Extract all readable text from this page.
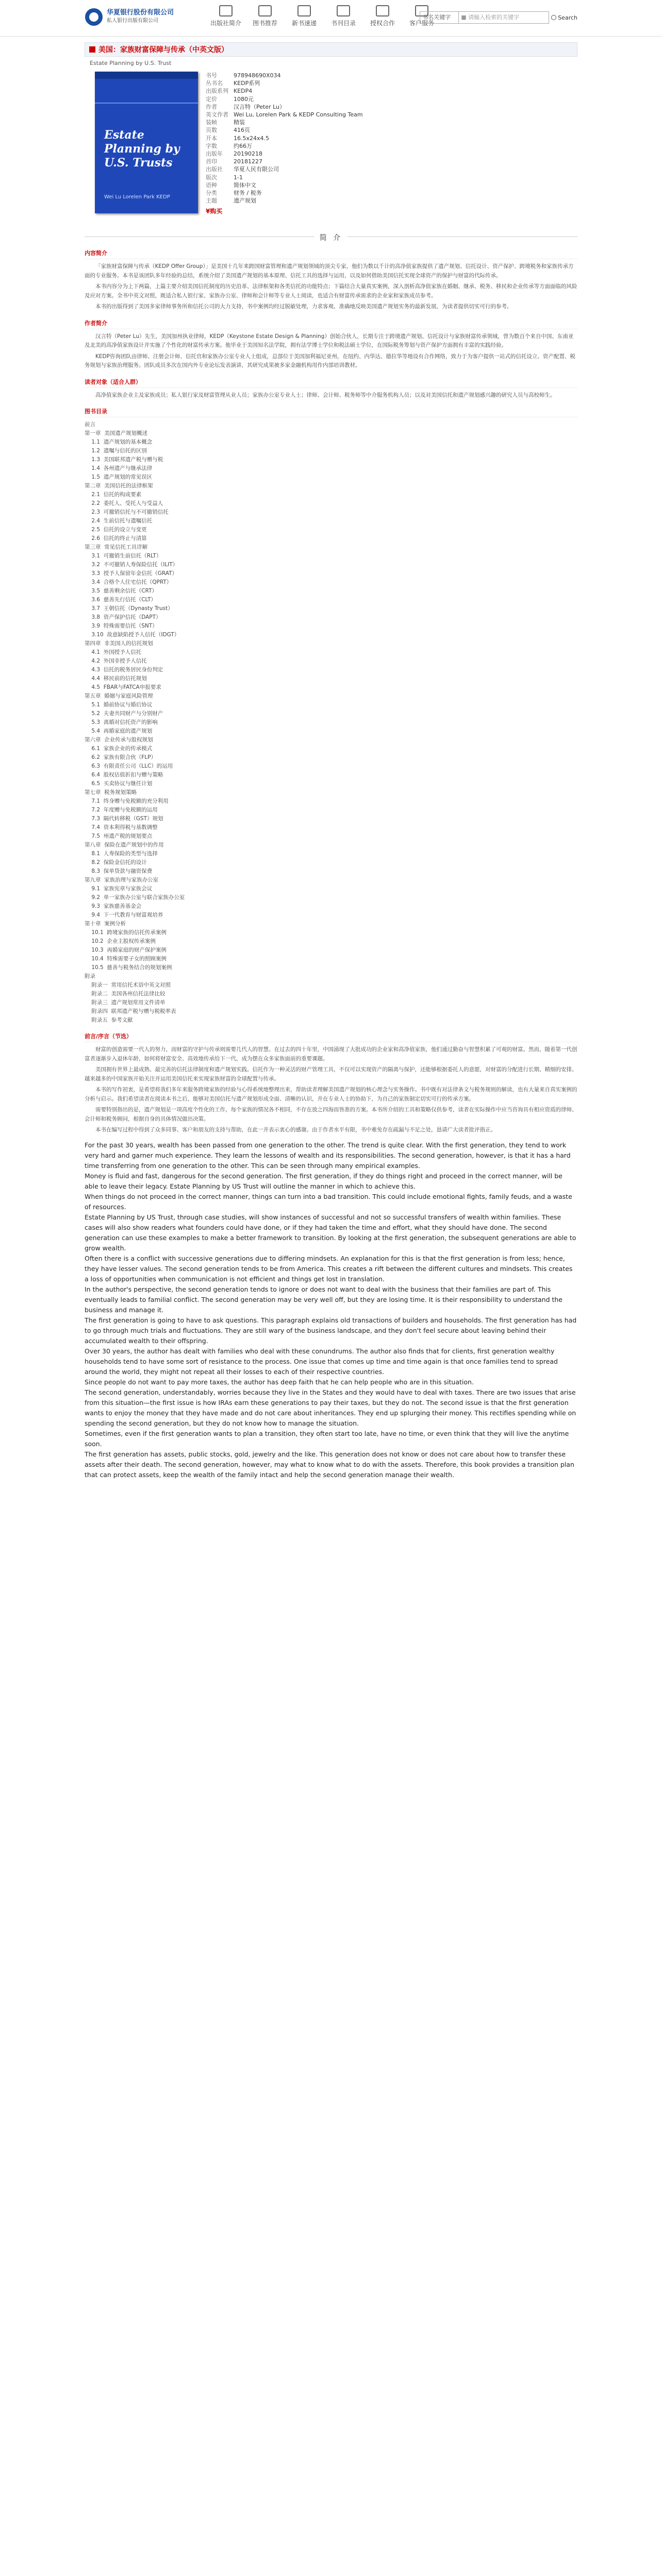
华夏银行股份有限公司
私人银行出版有限公司	出版社简介	图书推荐	新书速递	书刊目录	授权合作	客户服务
书名关键字	■ 请输入检索的关键字	Search
美国：家族财富保障与传承（中英文版）
Estate Planning by U.S. Trust
Estate Planning by U.S. Trusts
Wei Lu Lorelen Park KEDP
书号	978948690X034
丛书名	KEDP系列
出版系列 KEDP4
定价	1080元
作者	汉言特（Peter Lu）
英文作者 Wei Lu, Lorelen Park & KEDP Consulting Team
装帧	精装
页数	416页
开本	16.5x24x4.5
字数	约66万
出版年	20190218
首印	20181227
出版社	华夏人民有限公司
版次	1-1
语种	简体中文
分类	财务 / 税务
主题	遗产规划
¥购买
简 介
内容简介

「家族财富保障与传承（KEDP Offer Group）」是美国十几年来跨国财富管理和遗产规划领域的顶尖专家，他们为数以千计的高净值家族提供了遗产规划、信托设计、资产保护、跨境税务和家族传承方面的专业服务。本书是该团队多年经验的总结，系统介绍了美国遗产规划的基本原理、信托工具的选择与运用，以及如何借助美国信托实现全球资产的保护与财富的代际传承。

本书内容分为上下两篇，上篇主要介绍美国信托制度的历史沿革、法律框架和各类信托的功能特点；下篇结合大量真实案例，深入剖析高净值家族在婚姻、继承、税务、移民和企业传承等方面面临的风险及应对方案。全书中英文对照，既适合私人银行家、家族办公室、律师和会计师等专业人士阅读，也适合有财富传承需求的企业家和家族成员参考。

本书的出版得到了美国多家律师事务所和信托公司的大力支持，书中案例均经过脱敏处理，力求客观、准确地反映美国遗产规划实务的最新发展，为读者提供切实可行的参考。

作者简介

汉言特（Peter Lu）先生，美国加州执业律师，KEDP（Keystone Estate Design & Planning）创始合伙人，长期专注于跨境遗产规划、信托设计与家族财富传承领域，曾为数百个来自中国、东南亚及北美的高净值家族设计并实施了个性化的财富传承方案。他毕业于美国知名法学院，拥有法学博士学位和税法硕士学位，在国际税务筹划与资产保护方面拥有丰富的实践经验。

KEDP咨询团队由律师、注册会计师、信托官和家族办公室专业人士组成，总部位于美国加利福尼亚州，在纽约、内华达、德拉华等地设有合作网络，致力于为客户提供一站式的信托设立、资产配置、税务规划与家族治理服务。团队成员多次在国内外专业论坛发表演讲，其研究成果被多家金融机构用作内部培训教材。

读者对象（适合人群）

高净值家族企业主及家族成员；私人银行家及财富管理从业人员；家族办公室专业人士；律师、会计师、税务师等中介服务机构人员；以及对美国信托和遗产规划感兴趣的研究人员与高校师生。

图书目录
前言
第一章  美国遗产规划概述
1.1  遗产规划的基本概念
1.2  遗嘱与信托的区别
1.3  美国联邦遗产税与赠与税
1.4  各州遗产与继承法律
1.5  遗产规划的常见误区
第二章  美国信托的法律框架
2.1  信托的构成要素
2.2  委托人、受托人与受益人
2.3  可撤销信托与不可撤销信托
2.4  生前信托与遗嘱信托
2.5  信托的设立与变更
2.6  信托的终止与清算
第三章  常见信托工具详解
3.1  可撤销生前信托（RLT）
3.2  不可撤销人寿保险信托（ILIT）
3.3  授予人保留年金信托（GRAT）
3.4  合格个人住宅信托（QPRT）
3.5  慈善剩余信托（CRT）
3.6  慈善先行信托（CLT）
3.7  王朝信托（Dynasty Trust）
3.8  资产保护信托（DAPT）
3.9  特殊需要信托（SNT）
3.10  故意缺陷授予人信托（IDGT）
第四章  非美国人的信托规划
4.1  外国授予人信托
4.2  外国非授予人信托
4.3  信托的税务居民身份判定
4.4  移民前的信托规划
4.5  FBAR与FATCA申报要求
第五章  婚姻与家庭风险管理
5.1  婚前协议与婚后协议
5.2  夫妻共同财产与分别财产
5.3  离婚对信托资产的影响
5.4  再婚家庭的遗产规划
第六章  企业传承与股权规划
6.1  家族企业的传承模式
6.2  家族有限合伙（FLP）
6.3  有限责任公司（LLC）的运用
6.4  股权估值折扣与赠与策略
6.5  买卖协议与继任计划
第七章  税务规划策略
7.1  终身赠与免税额的充分利用
7.2  年度赠与免税额的运用
7.3  隔代转移税（GST）规划
7.4  资本利得税与基数调整
7.5  州遗产税的规划要点
第八章  保险在遗产规划中的作用
8.1  人寿保险的类型与选择
8.2  保险金信托的设计
8.3  保单贷款与融资保费
第九章  家族治理与家族办公室
9.1  家族宪章与家族会议
9.2  单一家族办公室与联合家族办公室
9.3  家族慈善基金会
9.4  下一代教育与财富观培养
第十章  案例分析
10.1  跨境家族的信托传承案例
10.2  企业主股权传承案例
10.3  再婚家庭的财产保护案例
10.4  特殊需要子女的照顾案例
10.5  慈善与税务结合的规划案例
附录
附录一  常用信托术语中英文对照
附录二  美国各州信托法律比较
附录三  遗产规划常用文件清单
附录四  联邦遗产税与赠与税税率表
附录五  参考文献
前言/序言（节选）

财富的创造需要一代人的努力，而财富的守护与传承则需要几代人的智慧。在过去的四十年里，中国涌现了大批成功的企业家和高净值家族，他们通过勤奋与智慧积累了可观的财富。然而，随着第一代创富者逐渐步入退休年龄，如何将财富安全、高效地传承给下一代，成为摆在众多家族面前的重要课题。

美国拥有世界上最成熟、最完善的信托法律制度和遗产规划实践。信托作为一种灵活的财产管理工具，不仅可以实现资产的隔离与保护，还能够根据委托人的意愿，对财富的分配进行长期、精细的安排。越来越多的中国家族开始关注并运用美国信托来实现家族财富的全球配置与传承。

本书的写作初衷，是希望将我们多年来服务跨境家族的经验与心得系统地整理出来，帮助读者理解美国遗产规划的核心理念与实务操作。书中既有对法律条文与税务规则的解读，也有大量来自真实案例的分析与启示。我们希望读者在阅读本书之后，能够对美国信托与遗产规划形成全面、清晰的认识，并在专业人士的协助下，为自己的家族制定切实可行的传承方案。

需要特别指出的是，遗产规划是一项高度个性化的工作，每个家族的情况各不相同，不存在放之四海而皆准的方案。本书所介绍的工具和策略仅供参考，读者在实际操作中应当咨询具有相应资质的律师、会计师和税务顾问，根据自身的具体情况做出决策。

本书在编写过程中得到了众多同事、客户和朋友的支持与帮助，在此一并表示衷心的感谢。由于作者水平有限，书中难免存在疏漏与不足之处，恳请广大读者批评指正。

For the past 30 years, wealth has been passed from one generation to the other. The trend is quite clear. With the first generation, they tend to work very hard and garner much experience. They learn the lessons of wealth and its responsibilities. The second generation, however, is that it has a hard time transferring from one generation to the other. This can be seen through many empirical examples.

Money is fluid and fast, dangerous for the second generation. The first generation, if they do things right and proceed in the correct manner, will be able to leave their legacy. Estate Planning by US Trust will outline the manner in which to achieve this.

When things do not proceed in the correct manner, things can turn into a bad transition. This could include emotional fights, family feuds, and a waste of resources.

Estate Planning by US Trust, through case studies, will show instances of successful and not so successful transfers of wealth within families. These cases will also show readers what founders could have done, or if they had taken the time and effort, what they should have done. The second generation can use these examples to make a better framework to transition. By looking at the first generation, the subsequent generations are able to grow wealth.

Often there is a conflict with successive generations due to differing mindsets. An explanation for this is that the first generation is from less; hence, they have lesser values. The second generation tends to be from America. This creates a rift between the different cultures and mindsets. This creates a loss of opportunities when communication is not efficient and things get lost in translation.

In the author's perspective, the second generation tends to ignore or does not want to deal with the business that their families are part of. This eventually leads to familial conflict. The second generation may be very well off, but they are losing time. It is their responsibility to understand the business and manage it.

The first generation is going to have to ask questions. This paragraph explains old transactions of builders and households. The first generation has had to go through much trials and fluctuations. They are still wary of the business landscape, and they don't feel secure about leaving behind their accumulated wealth to their offspring.

Over 30 years, the author has dealt with families who deal with these conundrums. The author also finds that for clients, first generation wealthy households tend to have some sort of resistance to the process. One issue that comes up time and time again is that once families tend to spread around the world, they might not repeat all their losses to each of their respective countries.

Since people do not want to pay more taxes, the author has deep faith that he can help people who are in this situation.

The second generation, understandably, worries because they live in the States and they would have to deal with taxes. There are two issues that arise from this situation—the first issue is how IRAs earn these generations to pay their taxes, but they do not. The second issue is that the first generation wants to enjoy the money that they have made and do not care about inheritances. They end up splurging their money. This rectifies spending while on spending the second generation, but they do not know how to manage the situation.

Sometimes, even if the first generation wants to plan a transition, they often start too late, have no time, or even think that they will live the anytime soon.

The first generation has assets, public stocks, gold, jewelry and the like. This generation does not know or does not care about how to transfer these assets after their death. The second generation, however, may what to know what to do with the assets. Therefore, this book provides a transition plan that can protect assets, keep the wealth of the family intact and help the second generation manage their wealth.
